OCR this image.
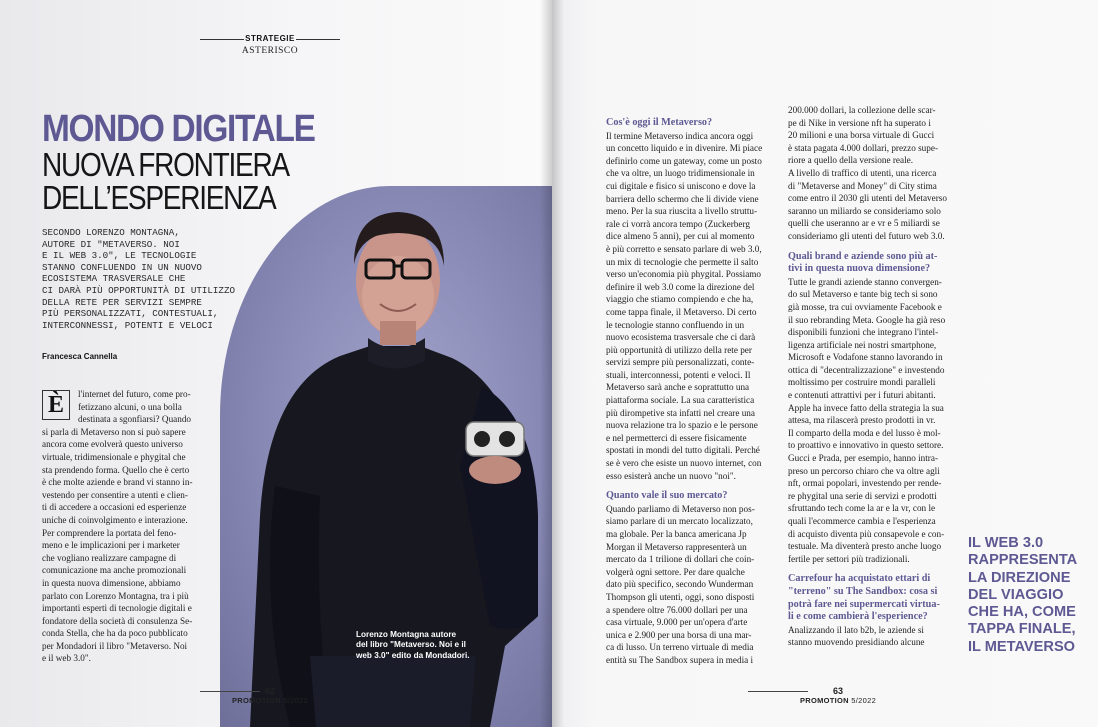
STRATEGIE
ASTERISCO
MONDO DIGITALE
NUOVA FRONTIERA
DELL’ESPERIENZA
SECONDO LORENZO MONTAGNA,
AUTORE DI "METAVERSO. NOI
E IL WEB 3.0", LE TECNOLOGIE
STANNO CONFLUENDO IN UN NUOVO
ECOSISTEMA TRASVERSALE CHE
CI DARÀ PIÙ OPPORTUNITÀ DI UTILIZZO
DELLA RETE PER SERVIZI SEMPRE
PIÙ PERSONALIZZATI, CONTESTUALI,
INTERCONNESSI, POTENTI E VELOCI
Francesca Cannella
È	l'internet del futuro, come pro-
fetizzano alcuni, o una bolla
destinata a sgonfiarsi? Quando
si parla di Metaverso non si può sapere
ancora come evolverà questo universo
virtuale, tridimensionale e phygital che
sta prendendo forma. Quello che è certo
è che molte aziende e brand vi stanno in-
vestendo per consentire a utenti e clien-
ti di accedere a occasioni ed esperienze
uniche di coinvolgimento e interazione.
Per comprendere la portata del feno-
meno e le implicazioni per i marketer
che vogliano realizzare campagne di
comunicazione ma anche promozionali
in questa nuova dimensione, abbiamo
parlato con Lorenzo Montagna, tra i più
importanti esperti di tecnologie digitali e
fondatore della società di consulenza Se-
conda Stella, che ha da poco pubblicato
per Mondadori il libro "Metaverso. Noi
e il web 3.0".
Lorenzo Montagna autore
del libro "Metaverso. Noi e il
web 3.0" edito da Mondadori.
62
PROMOTION 5/2022
Cos'è oggi il Metaverso?
Il termine Metaverso indica ancora oggi
un concetto liquido e in divenire. Mi piace
definirlo come un gateway, come un posto
che va oltre, un luogo tridimensionale in
cui digitale e fisico si uniscono e dove la
barriera dello schermo che li divide viene
meno. Per la sua riuscita a livello struttu-
rale ci vorrà ancora tempo (Zuckerberg
dice almeno 5 anni), per cui al momento
è più corretto e sensato parlare di web 3.0,
un mix di tecnologie che permette il salto
verso un'economia più phygital. Possiamo
definire il web 3.0 come la direzione del
viaggio che stiamo compiendo e che ha,
come tappa finale, il Metaverso. Di certo
le tecnologie stanno confluendo in un
nuovo ecosistema trasversale che ci darà
più opportunità di utilizzo della rete per
servizi sempre più personalizzati, conte-
stuali, interconnessi, potenti e veloci. Il
Metaverso sarà anche e soprattutto una
piattaforma sociale. La sua caratteristica
più dirompetive sta infatti nel creare una
nuova relazione tra lo spazio e le persone
e nel permetterci di essere fisicamente
spostati in mondi del tutto digitali. Perché
se è vero che esiste un nuovo internet, con
esso esisterà anche un nuovo "noi".
Quanto vale il suo mercato?
Quando parliamo di Metaverso non pos-
siamo parlare di un mercato localizzato,
ma globale. Per la banca americana Jp
Morgan il Metaverso rappresenterà un
mercato da 1 trilione di dollari che coin-
volgerà ogni settore. Per dare qualche
dato più specifico, secondo Wunderman
Thompson gli utenti, oggi, sono disposti
a spendere oltre 76.000 dollari per una
casa virtuale, 9.000 per un'opera d'arte
unica e 2.900 per una borsa di una mar-
ca di lusso. Un terreno virtuale di media
entità su The Sandbox supera in media i
200.000 dollari, la collezione delle scar-
pe di Nike in versione nft ha superato i
20 milioni e una borsa virtuale di Gucci
è stata pagata 4.000 dollari, prezzo supe-
riore a quello della versione reale.
A livello di traffico di utenti, una ricerca
di "Metaverse and Money" di City stima
come entro il 2030 gli utenti del Metaverso
saranno un miliardo se consideriamo solo
quelli che useranno ar e vr e 5 miliardi se
consideriamo gli utenti del futuro web 3.0.
Quali brand e aziende sono più at-
tivi in questa nuova dimensione?
Tutte le grandi aziende stanno convergen-
do sul Metaverso e tante big tech si sono
già mosse, tra cui ovviamente Facebook e
il suo rebranding Meta. Google ha già reso
disponibili funzioni che integrano l'intel-
ligenza artificiale nei nostri smartphone,
Microsoft e Vodafone stanno lavorando in
ottica di "decentralizzazione" e investendo
moltissimo per costruire mondi paralleli
e contenuti attrattivi per i futuri abitanti.
Apple ha invece fatto della strategia la sua
attesa, ma rilascerà presto prodotti in vr.
Il comparto della moda e del lusso è mol-
to proattivo e innovativo in questo settore.
Gucci e Prada, per esempio, hanno intra-
preso un percorso chiaro che va oltre agli
nft, ormai popolari, investendo per rende-
re phygital una serie di servizi e prodotti
sfruttando tech come la ar e la vr, con le
quali l'ecommerce cambia e l'esperienza
di acquisto diventa più consapevole e con-
testuale. Ma diventerà presto anche luogo
fertile per settori più tradizionali.
Carrefour ha acquistato ettari di
"terreno" su The Sandbox: cosa si
potrà fare nei supermercati virtua-
li e come cambierà l'esperience?
Analizzando il lato b2b, le aziende si
stanno muovendo presidiando alcune
63
PROMOTION 5/2022
IL WEB 3.0
RAPPRESENTA
LA DIREZIONE
DEL VIAGGIO
CHE HA, COME
TAPPA FINALE,
IL METAVERSO
